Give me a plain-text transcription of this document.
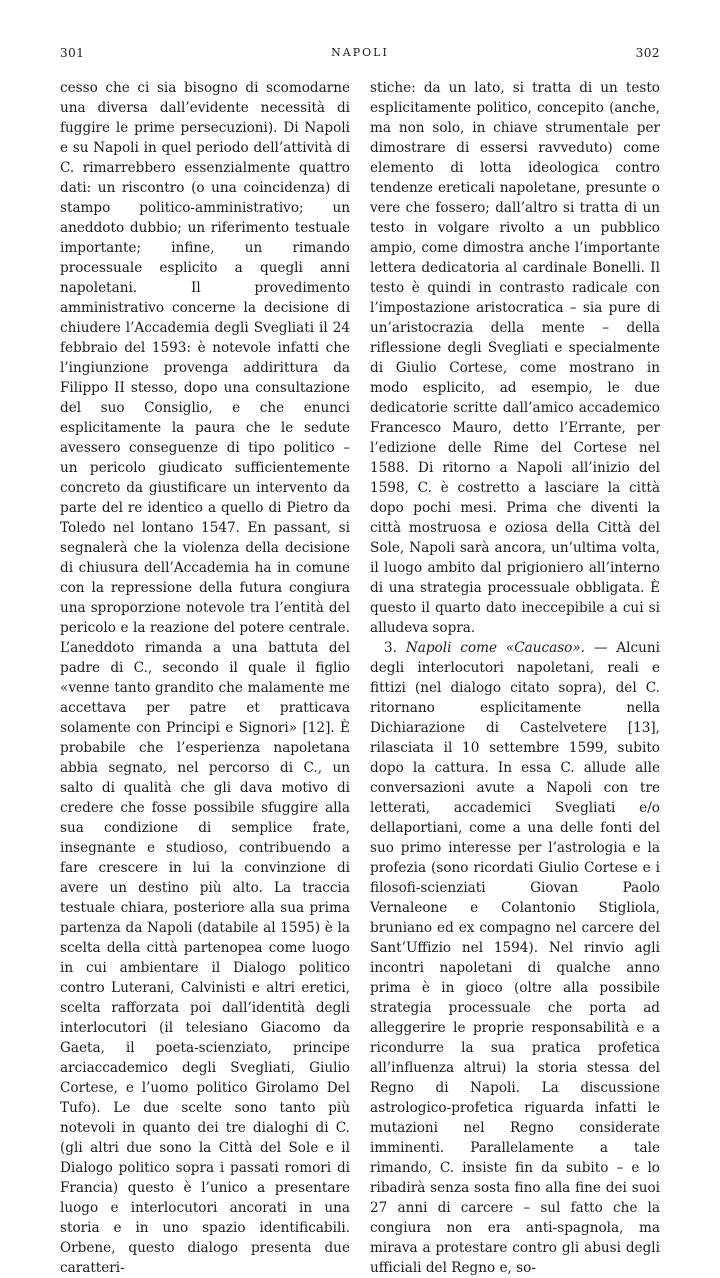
301	NAPOLI	302

cesso che ci sia bisogno di scomodarne una diversa dall’evidente necessità di fuggire le prime persecuzioni). Di Napoli e su Napoli in quel periodo dell’attività di C. rimarrebbero essenzialmente quattro dati: un riscontro (o una coincidenza) di stampo politico-amministrativo; un aneddoto dubbio; un riferimento testuale importante; infine, un rimando processuale esplicito a quegli anni napoletani. Il provedimento amministrativo concerne la decisione di chiudere l’Accademia degli Svegliati il 24 febbraio del 1593: è notevole infatti che l’ingiunzione provenga addirittura da Filippo II stesso, dopo una consultazione del suo Consiglio, e che enunci esplicitamente la paura che le sedute avessero conseguenze di tipo politico – un pericolo giudicato sufficientemente concreto da giustificare un intervento da parte del re identico a quello di Pietro da Toledo nel lontano 1547. En passant, si segnalerà che la violenza della decisione di chiusura dell’Accademia ha in comune con la repressione della futura congiura una sproporzione notevole tra l’entità del pericolo e la reazione del potere centrale. L’aneddoto rimanda a una battuta del padre di C., secondo il quale il figlio «venne tanto grandito che malamente me accettava per patre et pratticava solamente con Principi e Signori» [12]. È probabile che l’esperienza napoletana abbia segnato, nel percorso di C., un salto di qualità che gli dava motivo di credere che fosse possibile sfuggire alla sua condizione di semplice frate, insegnante e studioso, contribuendo a fare crescere in lui la convinzione di avere un destino più alto. La traccia testuale chiara, posteriore alla sua prima partenza da Napoli (databile al 1595) è la scelta della città partenopea come luogo in cui ambientare il Dialogo politico contro Luterani, Calvinisti e altri eretici, scelta rafforzata poi dall’identità degli interlocutori (il telesiano Giacomo da Gaeta, il poeta-scienziato, principe arciaccademico degli Svegliati, Giulio Cortese, e l’uomo politico Girolamo Del Tufo). Le due scelte sono tanto più notevoli in quanto dei tre dialoghi di C. (gli altri due sono la Città del Sole e il Dialogo politico sopra i passati romori di Francia) questo è l’unico a presentare luogo e interlocutori ancorati in una storia e in uno spazio identificabili. Orbene, questo dialogo presenta due caratteri-

stiche: da un lato, si tratta di un testo esplicitamente politico, concepito (anche, ma non solo, in chiave strumentale per dimostrare di essersi ravveduto) come elemento di lotta ideologica contro tendenze ereticali napoletane, presunte o vere che fossero; dall’altro si tratta di un testo in volgare rivolto a un pubblico ampio, come dimostra anche l’importante lettera dedicatoria al cardinale Bonelli. Il testo è quindi in contrasto radicale con l’impostazione aristocratica – sia pure di un’aristocrazia della mente – della riflessione degli Svegliati e specialmente di Giulio Cortese, come mostrano in modo esplicito, ad esempio, le due dedicatorie scritte dall’amico accademico Francesco Mauro, detto l’Errante, per l’edizione delle Rime del Cortese nel 1588. Di ritorno a Napoli all’inizio del 1598, C. è costretto a lasciare la città dopo pochi mesi. Prima che diventi la città mostruosa e oziosa della Città del Sole, Napoli sarà ancora, un’ultima volta, il luogo ambito dal prigioniero all’interno di una strategia processuale obbligata. È questo il quarto dato ineccepibile a cui si alludeva sopra.

3. Napoli come «Caucaso». — Alcuni degli interlocutori napoletani, reali e fittizi (nel dialogo citato sopra), del C. ritornano esplicitamente nella Dichiarazione di Castelvetere [13], rilasciata il 10 settembre 1599, subito dopo la cattura. In essa C. allude alle conversazioni avute a Napoli con tre letterati, accademici Svegliati e/o dellaportiani, come a una delle fonti del suo primo interesse per l’astrologia e la profezia (sono ricordati Giulio Cortese e i filosofi-scienziati Giovan Paolo Vernaleone e Colantonio Stigliola, bruniano ed ex compagno nel carcere del Sant’Uffizio nel 1594). Nel rinvio agli incontri napoletani di qualche anno prima è in gioco (oltre alla possibile strategia processuale che porta ad alleggerire le proprie responsabilità e a ricondurre la sua pratica profetica all’influenza altrui) la storia stessa del Regno di Napoli. La discussione astrologico-profetica riguarda infatti le mutazioni nel Regno considerate imminenti. Parallelamente a tale rimando, C. insiste fin da subito – e lo ribadirà senza sosta fino alla fine dei suoi 27 anni di carcere – sul fatto che la congiura non era anti-spagnola, ma mirava a protestare contro gli abusi degli ufficiali del Regno e, so-
